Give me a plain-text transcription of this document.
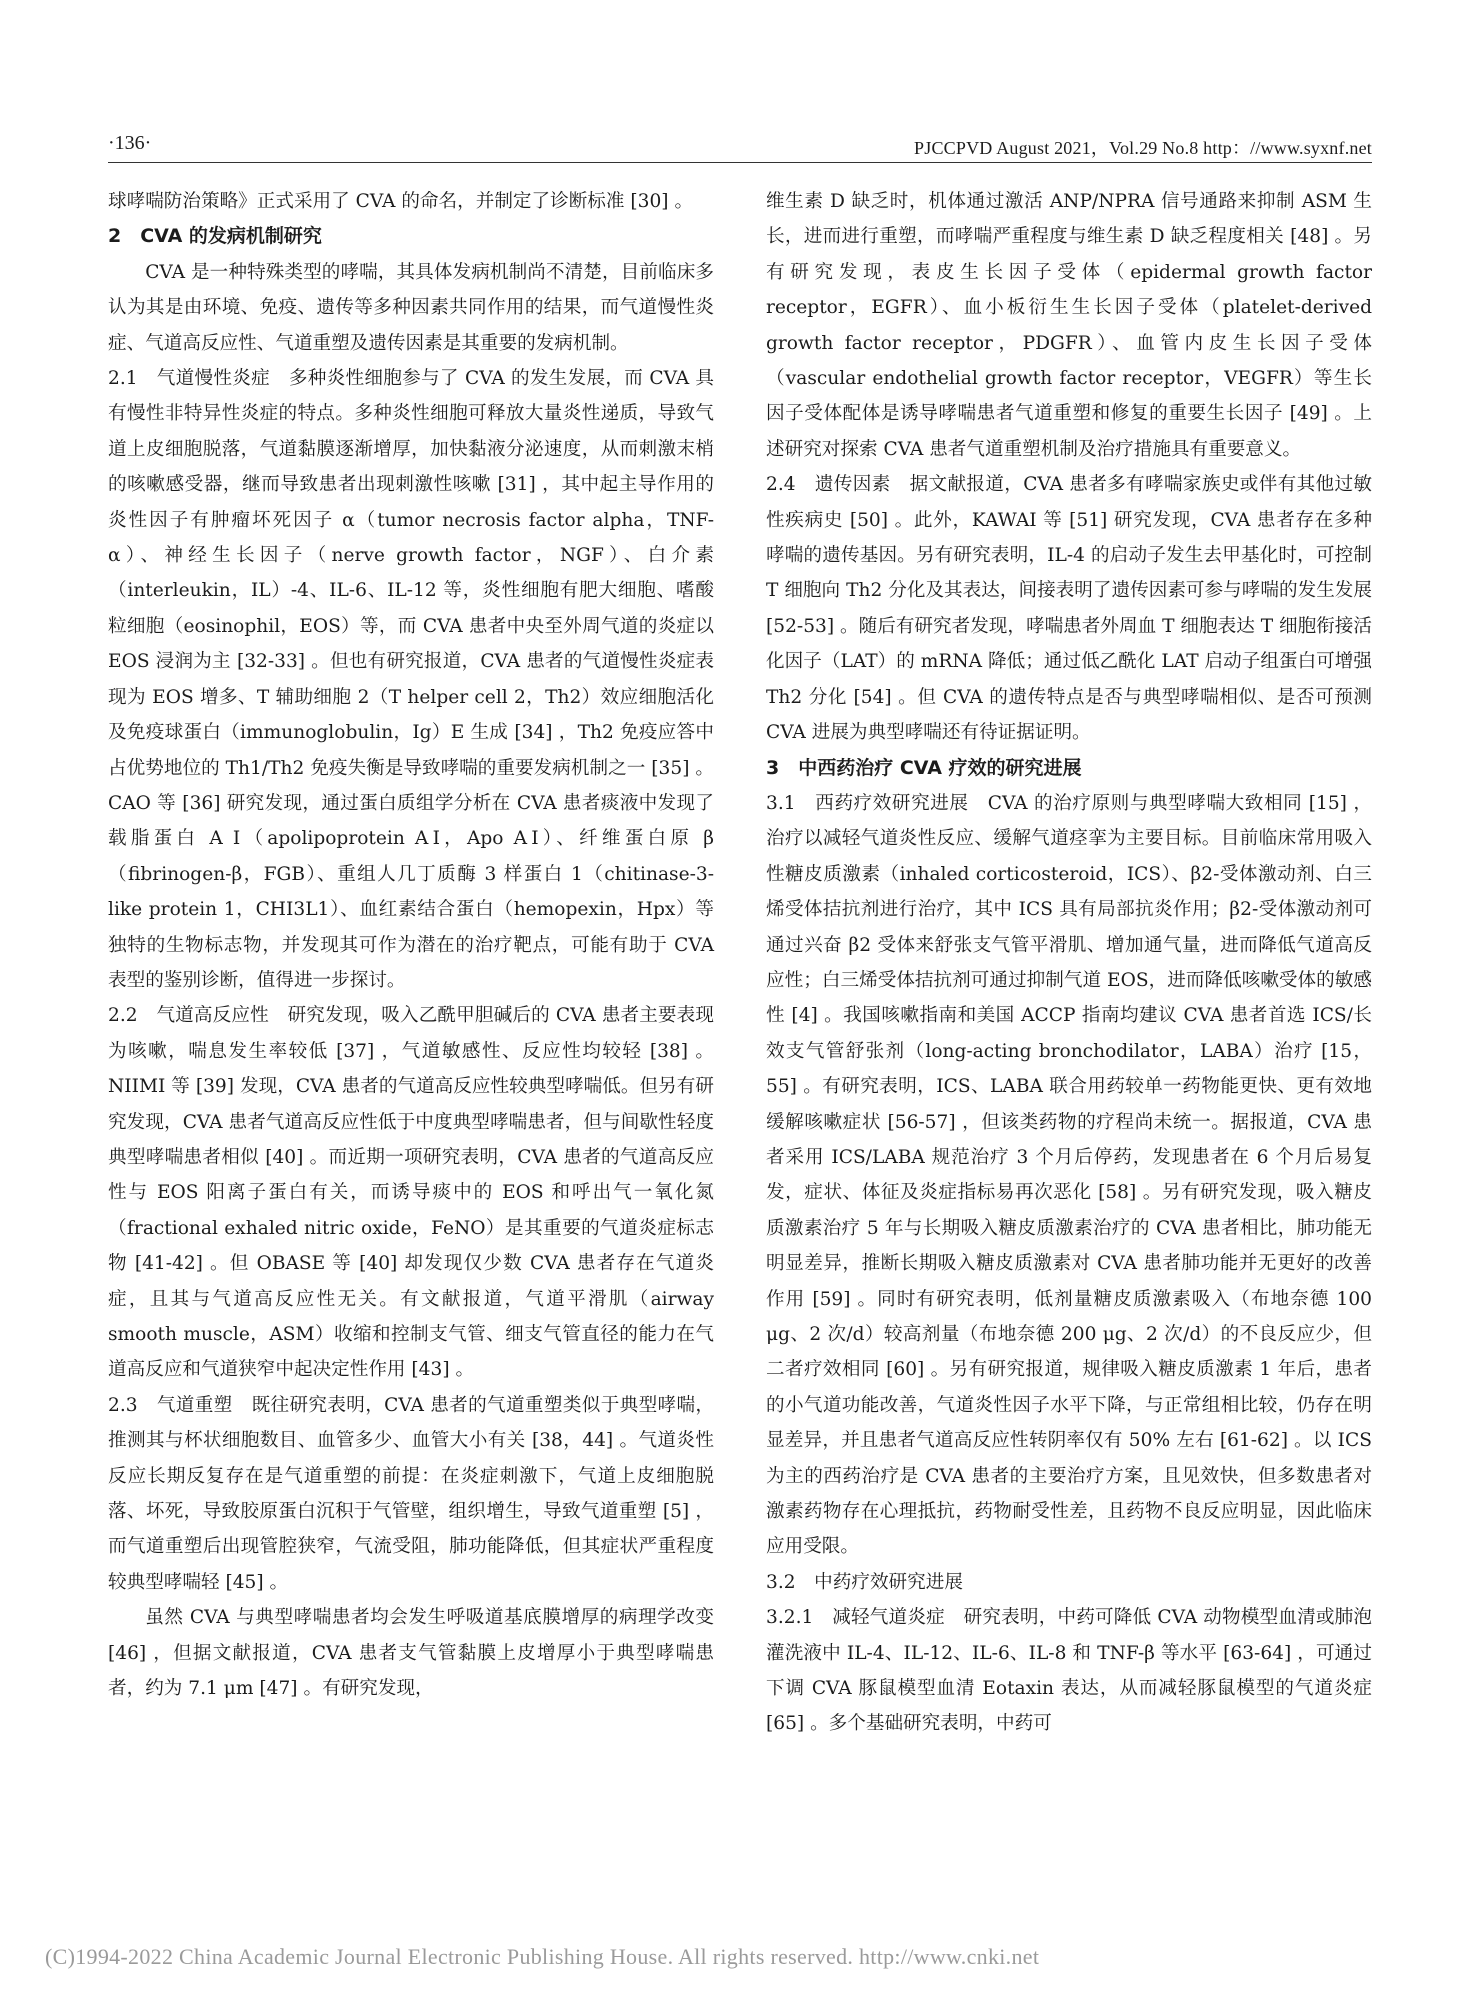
·136·	PJCCPVD August 2021，Vol.29 No.8 http：//www.syxnf.net

球哮喘防治策略》正式采用了 CVA 的命名，并制定了诊断标准 [30] 。

2　CVA 的发病机制研究

CVA 是一种特殊类型的哮喘，其具体发病机制尚不清楚，目前临床多认为其是由环境、免疫、遗传等多种因素共同作用的结果，而气道慢性炎症、气道高反应性、气道重塑及遗传因素是其重要的发病机制。

2.1　气道慢性炎症　多种炎性细胞参与了 CVA 的发生发展，而 CVA 具有慢性非特异性炎症的特点。多种炎性细胞可释放大量炎性递质，导致气道上皮细胞脱落，气道黏膜逐渐增厚，加快黏液分泌速度，从而刺激末梢的咳嗽感受器，继而导致患者出现刺激性咳嗽 [31] ，其中起主导作用的炎性因子有肿瘤坏死因子 α（tumor necrosis factor alpha，TNF-α）、神经生长因子（nerve growth factor，NGF）、白介素（interleukin，IL）-4、IL-6、IL-12 等，炎性细胞有肥大细胞、嗜酸粒细胞（eosinophil，EOS）等，而 CVA 患者中央至外周气道的炎症以 EOS 浸润为主 [32-33] 。但也有研究报道，CVA 患者的气道慢性炎症表现为 EOS 增多、T 辅助细胞 2（T helper cell 2，Th2）效应细胞活化及免疫球蛋白（immunoglobulin，Ig）E 生成 [34] ，Th2 免疫应答中占优势地位的 Th1/Th2 免疫失衡是导致哮喘的重要发病机制之一 [35] 。CAO 等 [36] 研究发现，通过蛋白质组学分析在 CVA 患者痰液中发现了载脂蛋白 A Ⅰ（apolipoprotein AⅠ，Apo AⅠ）、纤维蛋白原 β（fibrinogen-β，FGB）、重组人几丁质酶 3 样蛋白 1（chitinase-3-like protein 1，CHI3L1）、血红素结合蛋白（hemopexin，Hpx）等独特的生物标志物，并发现其可作为潜在的治疗靶点，可能有助于 CVA 表型的鉴别诊断，值得进一步探讨。

2.2　气道高反应性　研究发现，吸入乙酰甲胆碱后的 CVA 患者主要表现为咳嗽，喘息发生率较低 [37] ，气道敏感性、反应性均较轻 [38] 。NIIMI 等 [39] 发现，CVA 患者的气道高反应性较典型哮喘低。但另有研究发现，CVA 患者气道高反应性低于中度典型哮喘患者，但与间歇性轻度典型哮喘患者相似 [40] 。而近期一项研究表明，CVA 患者的气道高反应性与 EOS 阳离子蛋白有关，而诱导痰中的 EOS 和呼出气一氧化氮（fractional exhaled nitric oxide，FeNO）是其重要的气道炎症标志物 [41-42] 。但 OBASE 等 [40] 却发现仅少数 CVA 患者存在气道炎症，且其与气道高反应性无关。有文献报道，气道平滑肌（airway smooth muscle，ASM）收缩和控制支气管、细支气管直径的能力在气道高反应和气道狭窄中起决定性作用 [43] 。

2.3　气道重塑　既往研究表明，CVA 患者的气道重塑类似于典型哮喘，推测其与杯状细胞数目、血管多少、血管大小有关 [38，44] 。气道炎性反应长期反复存在是气道重塑的前提：在炎症刺激下，气道上皮细胞脱落、坏死，导致胶原蛋白沉积于气管壁，组织增生，导致气道重塑 [5] ，而气道重塑后出现管腔狭窄，气流受阻，肺功能降低，但其症状严重程度较典型哮喘轻 [45] 。

虽然 CVA 与典型哮喘患者均会发生呼吸道基底膜增厚的病理学改变 [46] ，但据文献报道，CVA 患者支气管黏膜上皮增厚小于典型哮喘患者，约为 7.1 μm [47] 。有研究发现，

维生素 D 缺乏时，机体通过激活 ANP/NPRA 信号通路来抑制 ASM 生长，进而进行重塑，而哮喘严重程度与维生素 D 缺乏程度相关 [48] 。另有研究发现，表皮生长因子受体（epidermal growth factor receptor，EGFR）、血小板衍生生长因子受体（platelet-derived growth factor receptor，PDGFR）、血管内皮生长因子受体（vascular endothelial growth factor receptor，VEGFR）等生长因子受体配体是诱导哮喘患者气道重塑和修复的重要生长因子 [49] 。上述研究对探索 CVA 患者气道重塑机制及治疗措施具有重要意义。

2.4　遗传因素　据文献报道，CVA 患者多有哮喘家族史或伴有其他过敏性疾病史 [50] 。此外，KAWAI 等 [51] 研究发现，CVA 患者存在多种哮喘的遗传基因。另有研究表明，IL-4 的启动子发生去甲基化时，可控制 T 细胞向 Th2 分化及其表达，间接表明了遗传因素可参与哮喘的发生发展 [52-53] 。随后有研究者发现，哮喘患者外周血 T 细胞表达 T 细胞衔接活化因子（LAT）的 mRNA 降低；通过低乙酰化 LAT 启动子组蛋白可增强 Th2 分化 [54] 。但 CVA 的遗传特点是否与典型哮喘相似、是否可预测 CVA 进展为典型哮喘还有待证据证明。

3　中西药治疗 CVA 疗效的研究进展

3.1　西药疗效研究进展　CVA 的治疗原则与典型哮喘大致相同 [15] ，治疗以减轻气道炎性反应、缓解气道痉挛为主要目标。目前临床常用吸入性糖皮质激素（inhaled corticosteroid，ICS）、β2-受体激动剂、白三烯受体拮抗剂进行治疗，其中 ICS 具有局部抗炎作用；β2-受体激动剂可通过兴奋 β2 受体来舒张支气管平滑肌、增加通气量，进而降低气道高反应性；白三烯受体拮抗剂可通过抑制气道 EOS，进而降低咳嗽受体的敏感性 [4] 。我国咳嗽指南和美国 ACCP 指南均建议 CVA 患者首选 ICS/长效支气管舒张剂（long-acting bronchodilator，LABA）治疗 [15，55] 。有研究表明，ICS、LABA 联合用药较单一药物能更快、更有效地缓解咳嗽症状 [56-57] ，但该类药物的疗程尚未统一。据报道，CVA 患者采用 ICS/LABA 规范治疗 3 个月后停药，发现患者在 6 个月后易复发，症状、体征及炎症指标易再次恶化 [58] 。另有研究发现，吸入糖皮质激素治疗 5 年与长期吸入糖皮质激素治疗的 CVA 患者相比，肺功能无明显差异，推断长期吸入糖皮质激素对 CVA 患者肺功能并无更好的改善作用 [59] 。同时有研究表明，低剂量糖皮质激素吸入（布地奈德 100 μg、2 次/d）较高剂量（布地奈德 200 μg、2 次/d）的不良反应少，但二者疗效相同 [60] 。另有研究报道，规律吸入糖皮质激素 1 年后，患者的小气道功能改善，气道炎性因子水平下降，与正常组相比较，仍存在明显差异，并且患者气道高反应性转阴率仅有 50% 左右 [61-62] 。以 ICS 为主的西药治疗是 CVA 患者的主要治疗方案，且见效快，但多数患者对激素药物存在心理抵抗，药物耐受性差，且药物不良反应明显，因此临床应用受限。

3.2　中药疗效研究进展

3.2.1　减轻气道炎症　研究表明，中药可降低 CVA 动物模型血清或肺泡灌洗液中 IL-4、IL-12、IL-6、IL-8 和 TNF-β 等水平 [63-64] ，可通过下调 CVA 豚鼠模型血清 Eotaxin 表达，从而减轻豚鼠模型的气道炎症 [65] 。多个基础研究表明，中药可

(C)1994-2022 China Academic Journal Electronic Publishing House. All rights reserved. http://www.cnki.net
